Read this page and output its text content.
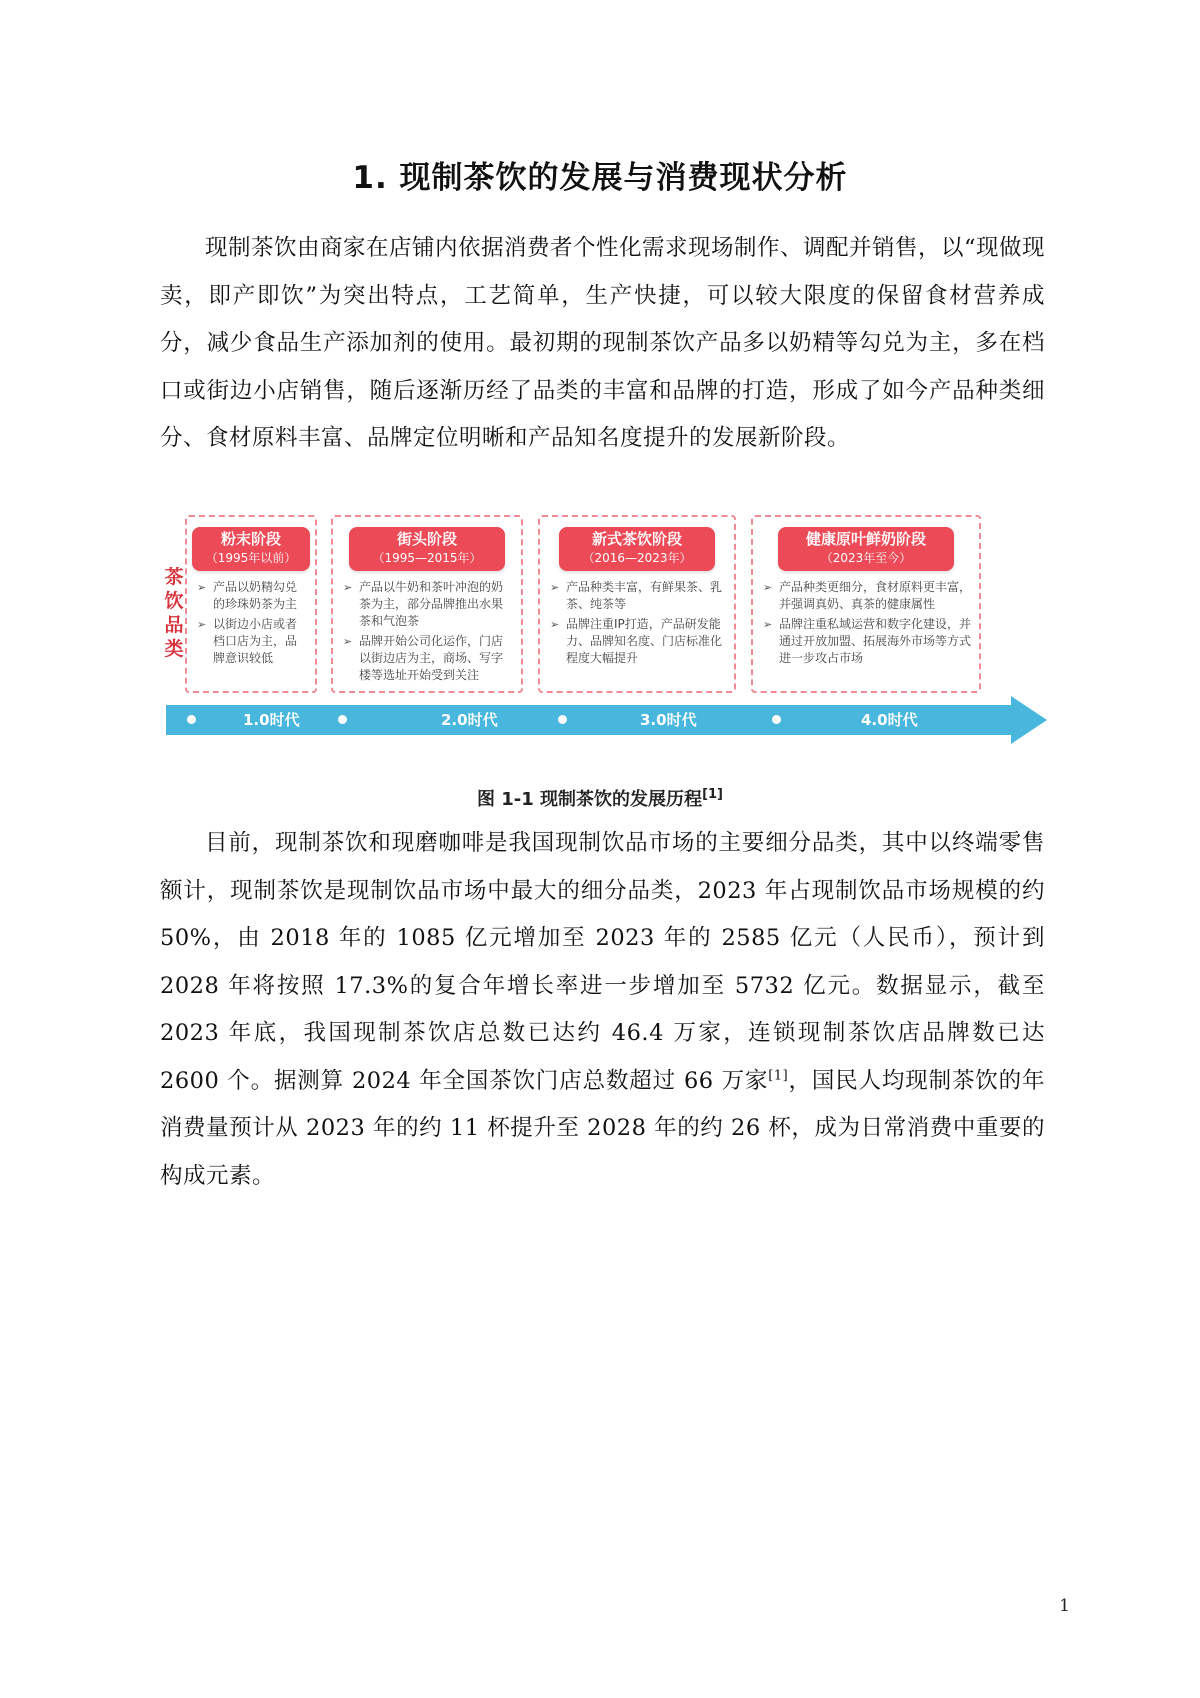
1. 现制茶饮的发展与消费现状分析

现制茶饮由商家在店铺内依据消费者个性化需求现场制作、调配并销售，以“现做现卖，即产即饮”为突出特点，工艺简单，生产快捷，可以较大限度的保留食材营养成分，减少食品生产添加剂的使用。最初期的现制茶饮产品多以奶精等勾兑为主，多在档口或街边小店销售，随后逐渐历经了品类的丰富和品牌的打造，形成了如今产品种类细分、食材原料丰富、品牌定位明晰和产品知名度提升的发展新阶段。

茶饮品类
粉末阶段
（1995年以前）
➢ 产品以奶精勾兑的珍珠奶茶为主
➢ 以街边小店或者档口店为主，品牌意识较低
街头阶段
（1995—2015年）
➢ 产品以牛奶和茶叶冲泡的奶茶为主，部分品牌推出水果茶和气泡茶
➢ 品牌开始公司化运作，门店以街边店为主，商场、写字楼等选址开始受到关注
新式茶饮阶段
（2016—2023年）
➢ 产品种类丰富，有鲜果茶、乳茶、纯茶等
➢ 品牌注重IP打造，产品研发能力、品牌知名度、门店标准化程度大幅提升
健康原叶鲜奶阶段
（2023年至今）
➢ 产品种类更细分，食材原料更丰富，并强调真奶、真茶的健康属性
➢ 品牌注重私域运营和数字化建设，并通过开放加盟、拓展海外市场等方式进一步攻占市场
1.0时代	2.0时代	3.0时代	4.0时代
图 1-1 现制茶饮的发展历程[1]

目前，现制茶饮和现磨咖啡是我国现制饮品市场的主要细分品类，其中以终端零售额计，现制茶饮是现制饮品市场中最大的细分品类，2023 年占现制饮品市场规模的约 50%，由 2018 年的 1085 亿元增加至 2023 年的 2585 亿元（人民币），预计到 2028 年将按照 17.3%的复合年增长率进一步增加至 5732 亿元。数据显示，截至 2023 年底，我国现制茶饮店总数已达约 46.4 万家，连锁现制茶饮店品牌数已达 2600 个。据测算 2024 年全国茶饮门店总数超过 66 万家[1]，国民人均现制茶饮的年消费量预计从 2023 年的约 11 杯提升至 2028 年的约 26 杯，成为日常消费中重要的构成元素。

1
